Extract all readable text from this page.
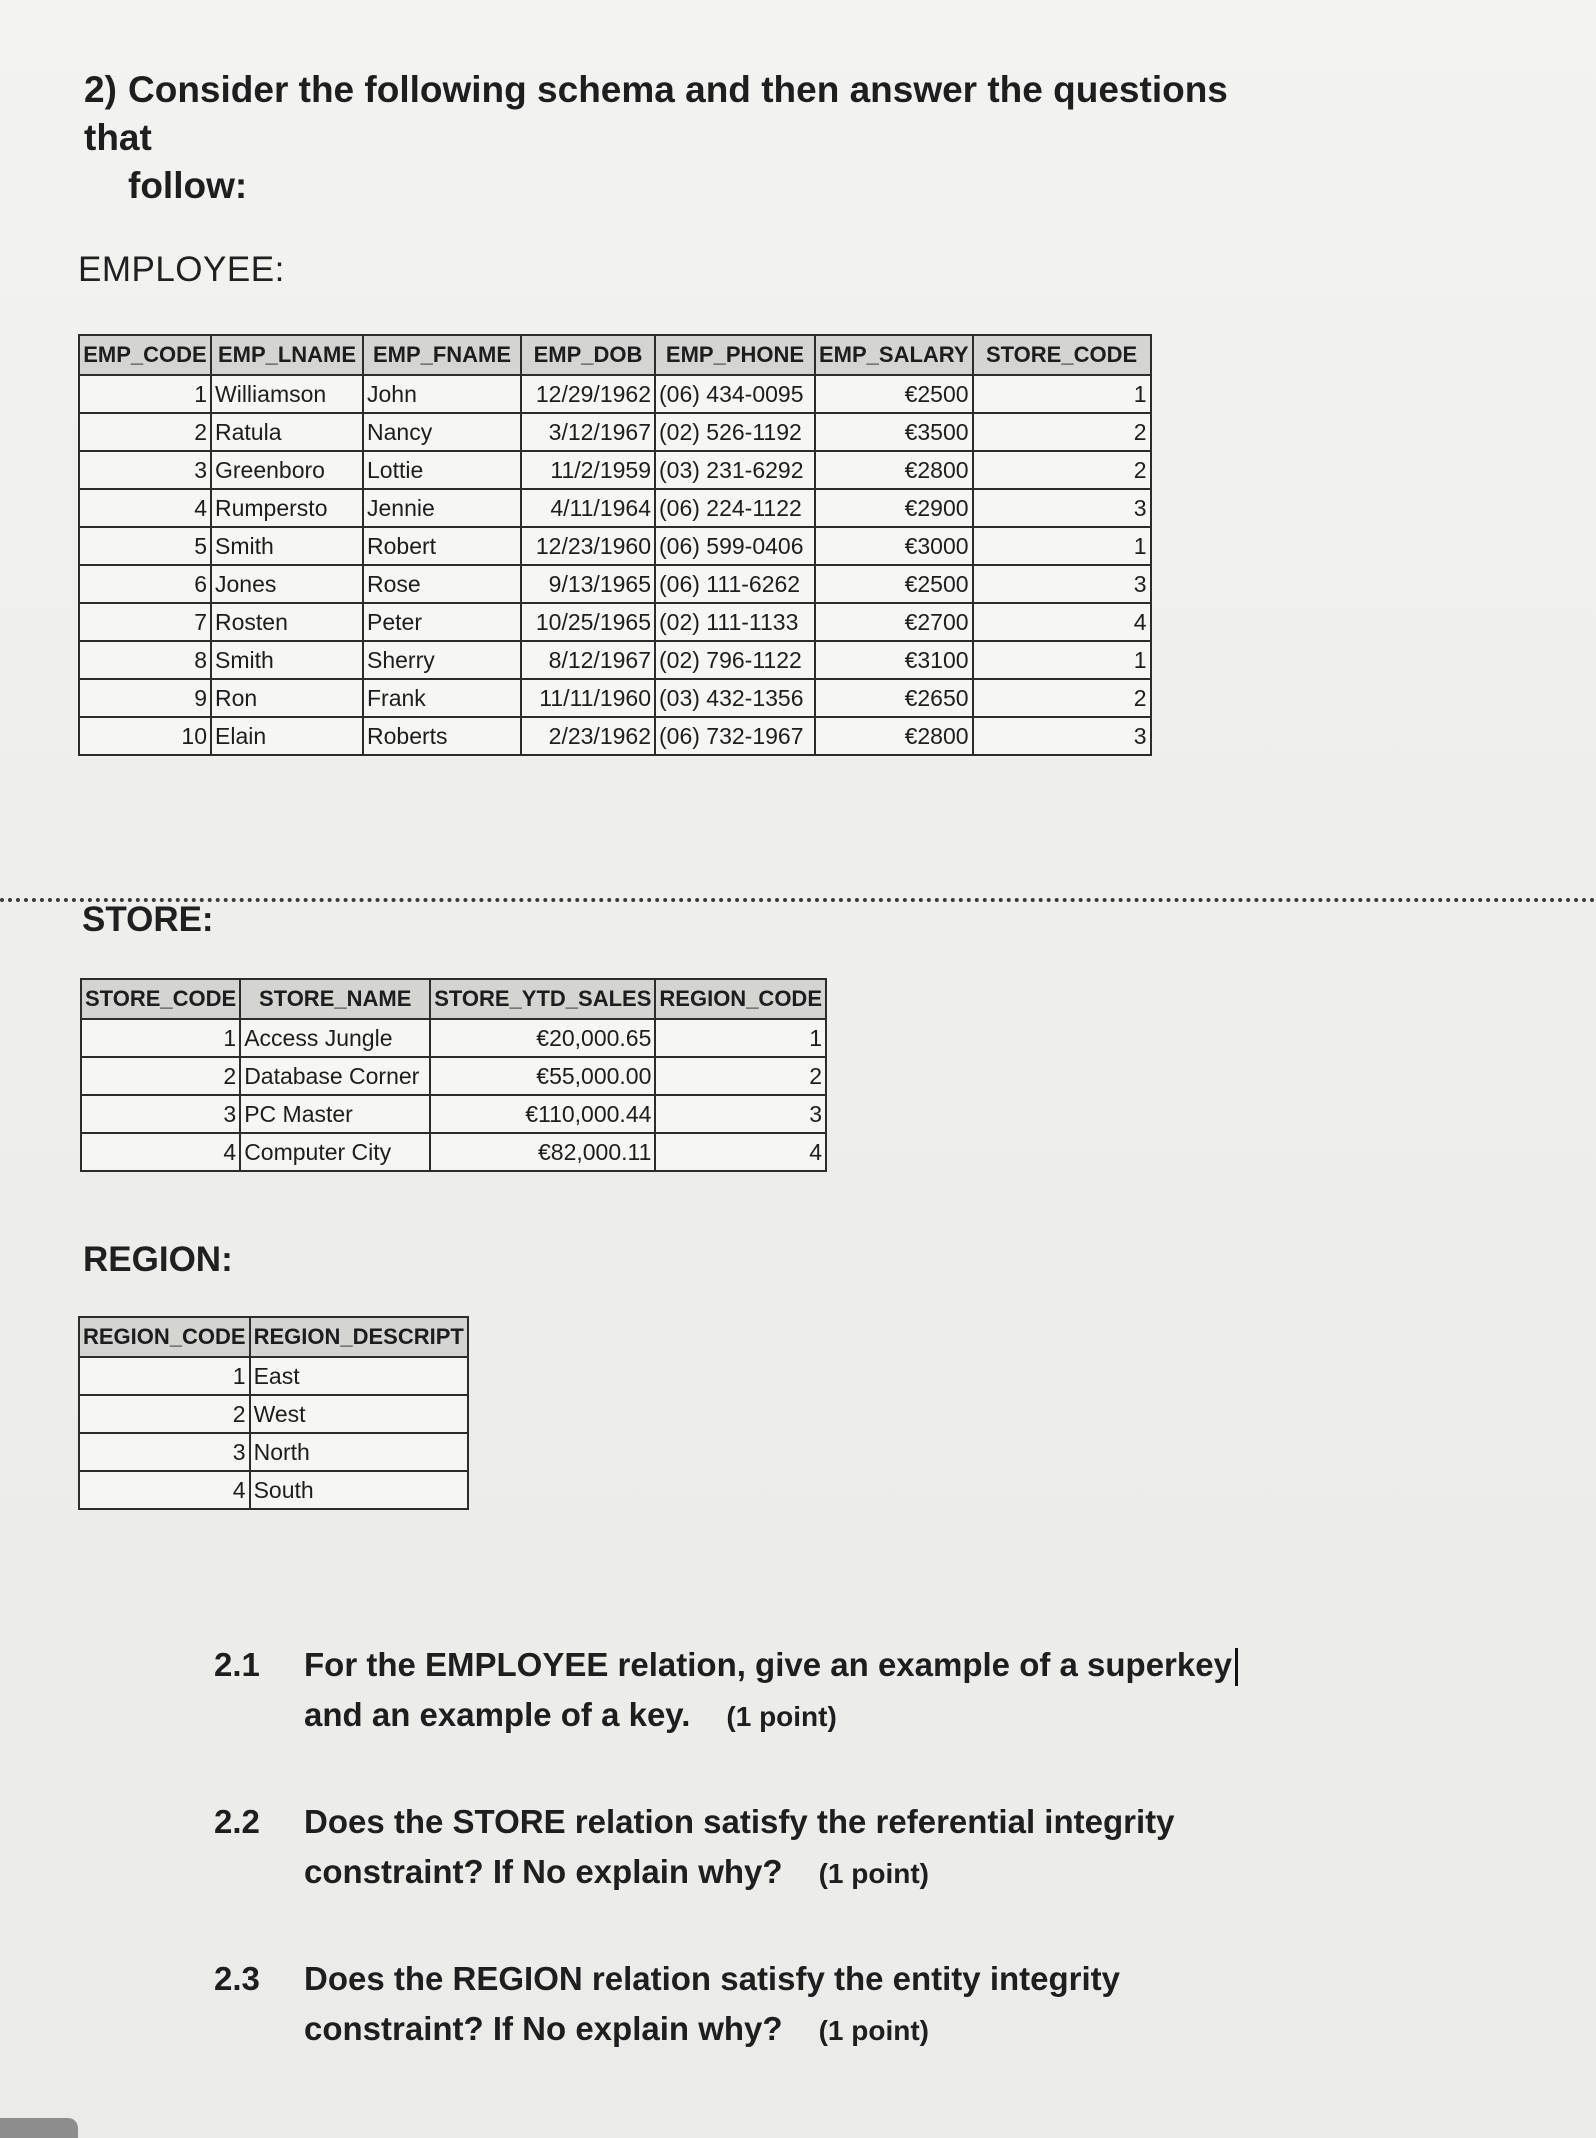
2) Consider the following schema and then answer the questions that
follow:
EMPLOYEE:
EMP_CODE	EMP_LNAME	EMP_FNAME	EMP_DOB	EMP_PHONE	EMP_SALARY	STORE_CODE
1	Williamson	John	12/29/1962	(06) 434-0095	€2500	1
2	Ratula	Nancy	3/12/1967	(02) 526-1192	€3500	2
3	Greenboro	Lottie	11/2/1959	(03) 231-6292	€2800	2
4	Rumpersto	Jennie	4/11/1964	(06) 224-1122	€2900	3
5	Smith	Robert	12/23/1960	(06) 599-0406	€3000	1
6	Jones	Rose	9/13/1965	(06) 111-6262	€2500	3
7	Rosten	Peter	10/25/1965	(02) 111-1133	€2700	4
8	Smith	Sherry	8/12/1967	(02) 796-1122	€3100	1
9	Ron	Frank	11/11/1960	(03) 432-1356	€2650	2
10	Elain	Roberts	2/23/1962	(06) 732-1967	€2800	3
STORE:
STORE_CODE	STORE_NAME	STORE_YTD_SALES	REGION_CODE
1	Access Jungle	€20,000.65	1
2	Database Corner	€55,000.00	2
3	PC Master	€110,000.44	3
4	Computer City	€82,000.11	4
REGION:
REGION_CODE	REGION_DESCRIPT
1	East
2	West
3	North
4	South
2.1	For the EMPLOYEE relation, give an example of a superkey
and an example of a key. (1 point)
2.2	Does the STORE relation satisfy the referential integrity
constraint? If No explain why? (1 point)
2.3	Does the REGION relation satisfy the entity integrity
constraint? If No explain why? (1 point)
